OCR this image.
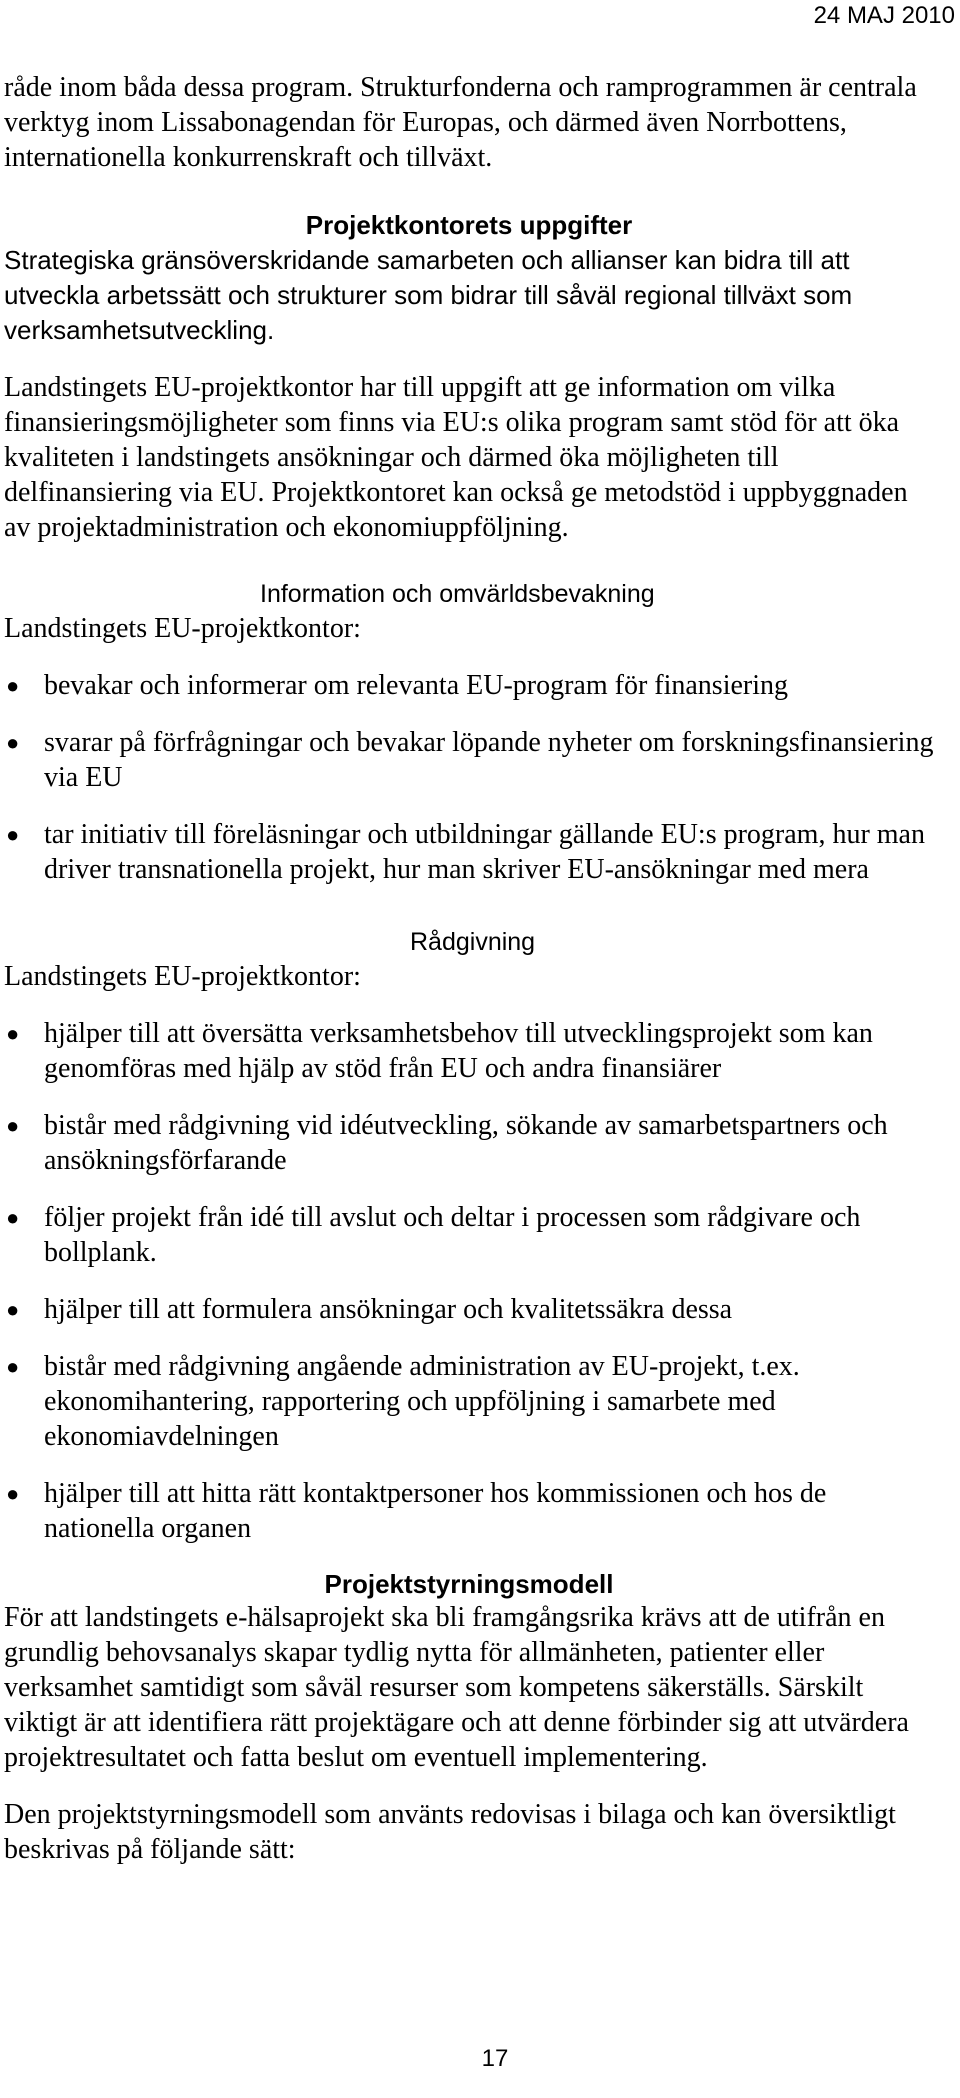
24 MAJ 2010

råde inom båda dessa program. Strukturfonderna och ramprogrammen är centrala verktyg inom Lissabonagendan för Europas, och därmed även Norrbottens, internationella konkurrenskraft och tillväxt.

Projektkontorets uppgifter

Strategiska gränsöverskridande samarbeten och allianser kan bidra till att utveckla arbetssätt och strukturer som bidrar till såväl regional tillväxt som verksamhetsutveckling.

Landstingets EU-projektkontor har till uppgift att ge information om vilka finansieringsmöjligheter som finns via EU:s olika program samt stöd för att öka kvaliteten i landstingets ansökningar och därmed öka möjligheten till delfinansiering via EU. Projektkontoret kan också ge metodstöd i uppbyggnaden av projektadministration och ekonomiuppföljning.

Information och omvärldsbevakning

Landstingets EU-projektkontor:

● bevakar och informerar om relevanta EU-program för finansiering
● svarar på förfrågningar och bevakar löpande nyheter om forskningsfinansiering via EU
● tar initiativ till föreläsningar och utbildningar gällande EU:s program, hur man driver transnationella projekt, hur man skriver EU-ansökningar med mera

Rådgivning

Landstingets EU-projektkontor:

● hjälper till att översätta verksamhetsbehov till utvecklingsprojekt som kan genomföras med hjälp av stöd från EU och andra finansiärer
● bistår med rådgivning vid idéutveckling, sökande av samarbetspartners och ansökningsförfarande
● följer projekt från idé till avslut och deltar i processen som rådgivare och bollplank.
● hjälper till att formulera ansökningar och kvalitetssäkra dessa
● bistår med rådgivning angående administration av EU-projekt, t.ex. ekonomihantering, rapportering och uppföljning i samarbete med ekonomiavdelningen
● hjälper till att hitta rätt kontaktpersoner hos kommissionen och hos de nationella organen

Projektstyrningsmodell

För att landstingets e-hälsaprojekt ska bli framgångsrika krävs att de utifrån en grundlig behovsanalys skapar tydlig nytta för allmänheten, patienter eller verksamhet samtidigt som såväl resurser som kompetens säkerställs. Särskilt viktigt är att identifiera rätt projektägare och att denne förbinder sig att utvärdera projektresultatet och fatta beslut om eventuell implementering.

Den projektstyrningsmodell som använts redovisas i bilaga och kan översiktligt beskrivas på följande sätt:

17
